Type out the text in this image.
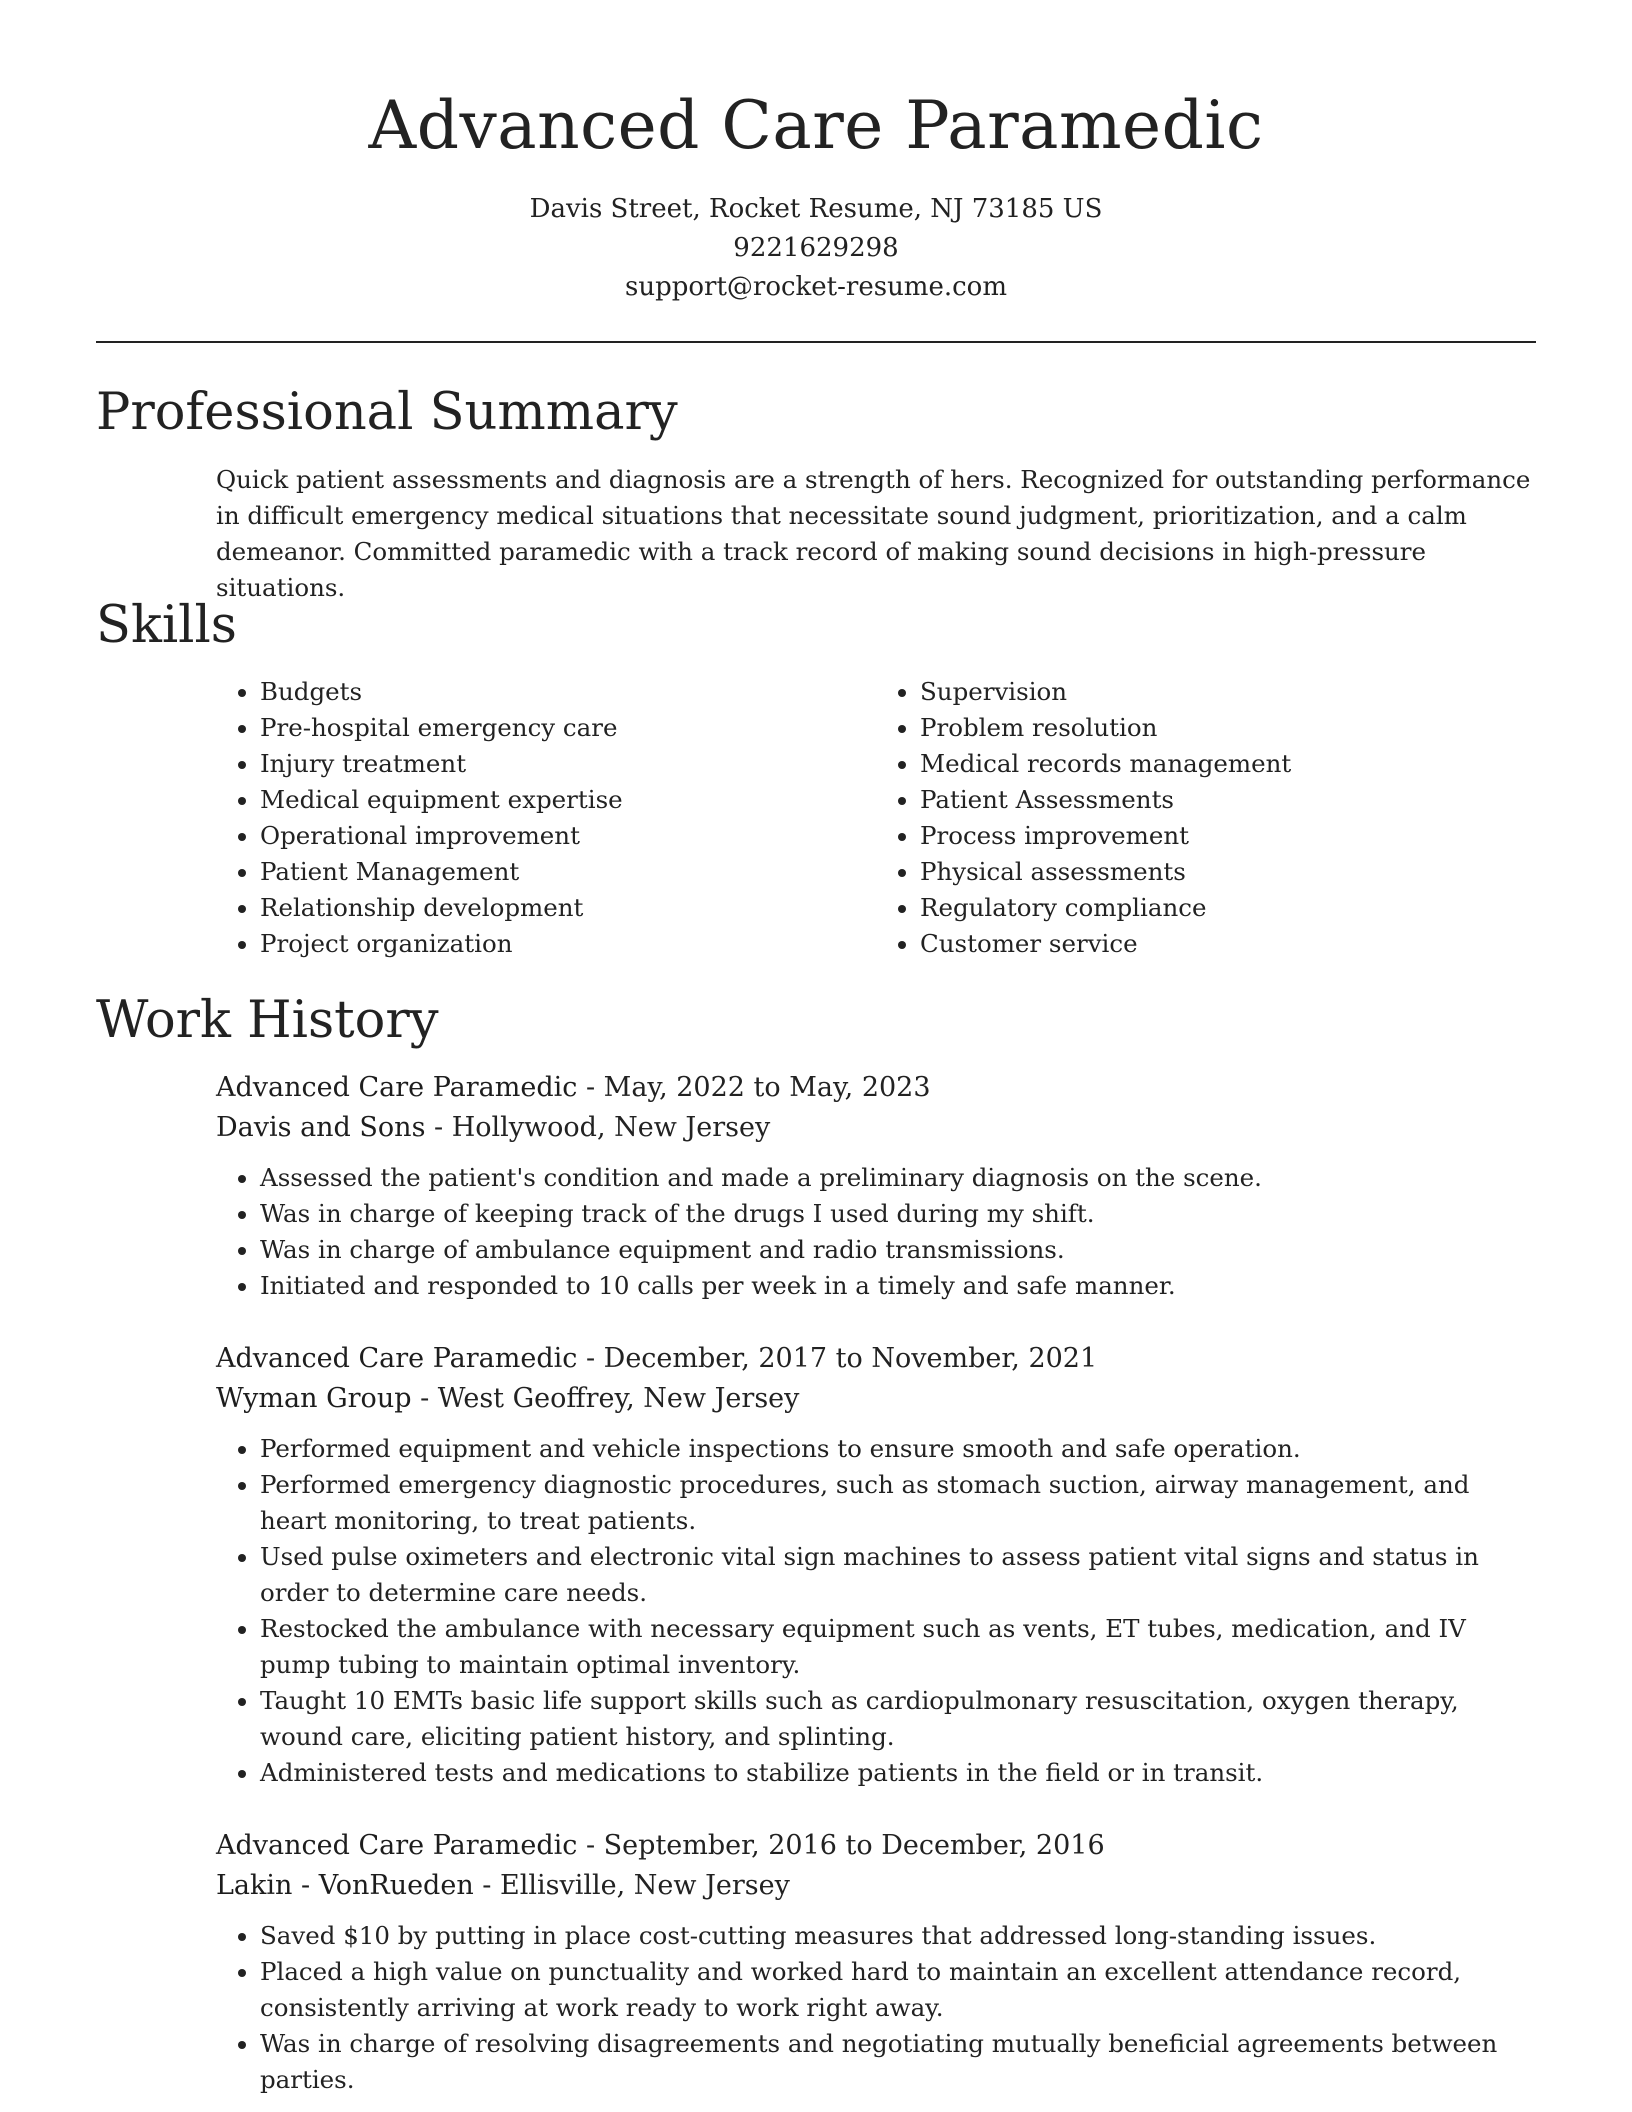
Advanced Care Paramedic
Davis Street, Rocket Resume, NJ 73185 US
9221629298
support@rocket-resume.com
Professional Summary

Quick patient assessments and diagnosis are a strength of hers. Recognized for outstanding performance in difficult emergency medical situations that necessitate sound judgment, prioritization, and a calm demeanor. Committed paramedic with a track record of making sound decisions in high-pressure situations.

Skills
• Budgets
• Pre-hospital emergency care
• Injury treatment
• Medical equipment expertise
• Operational improvement
• Patient Management
• Relationship development
• Project organization
• Supervision
• Problem resolution
• Medical records management
• Patient Assessments
• Process improvement
• Physical assessments
• Regulatory compliance
• Customer service
Work History
Advanced Care Paramedic - May, 2022 to May, 2023
Davis and Sons - Hollywood, New Jersey
• Assessed the patient's condition and made a preliminary diagnosis on the scene.
• Was in charge of keeping track of the drugs I used during my shift.
• Was in charge of ambulance equipment and radio transmissions.
• Initiated and responded to 10 calls per week in a timely and safe manner.
Advanced Care Paramedic - December, 2017 to November, 2021
Wyman Group - West Geoffrey, New Jersey
• Performed equipment and vehicle inspections to ensure smooth and safe operation.
• Performed emergency diagnostic procedures, such as stomach suction, airway management, and heart monitoring, to treat patients.
• Used pulse oximeters and electronic vital sign machines to assess patient vital signs and status in order to determine care needs.
• Restocked the ambulance with necessary equipment such as vents, ET tubes, medication, and IV pump tubing to maintain optimal inventory.
• Taught 10 EMTs basic life support skills such as cardiopulmonary resuscitation, oxygen therapy, wound care, eliciting patient history, and splinting.
• Administered tests and medications to stabilize patients in the field or in transit.
Advanced Care Paramedic - September, 2016 to December, 2016
Lakin - VonRueden - Ellisville, New Jersey
• Saved $10 by putting in place cost-cutting measures that addressed long-standing issues.
• Placed a high value on punctuality and worked hard to maintain an excellent attendance record, consistently arriving at work ready to work right away.
• Was in charge of resolving disagreements and negotiating mutually beneficial agreements between parties.
